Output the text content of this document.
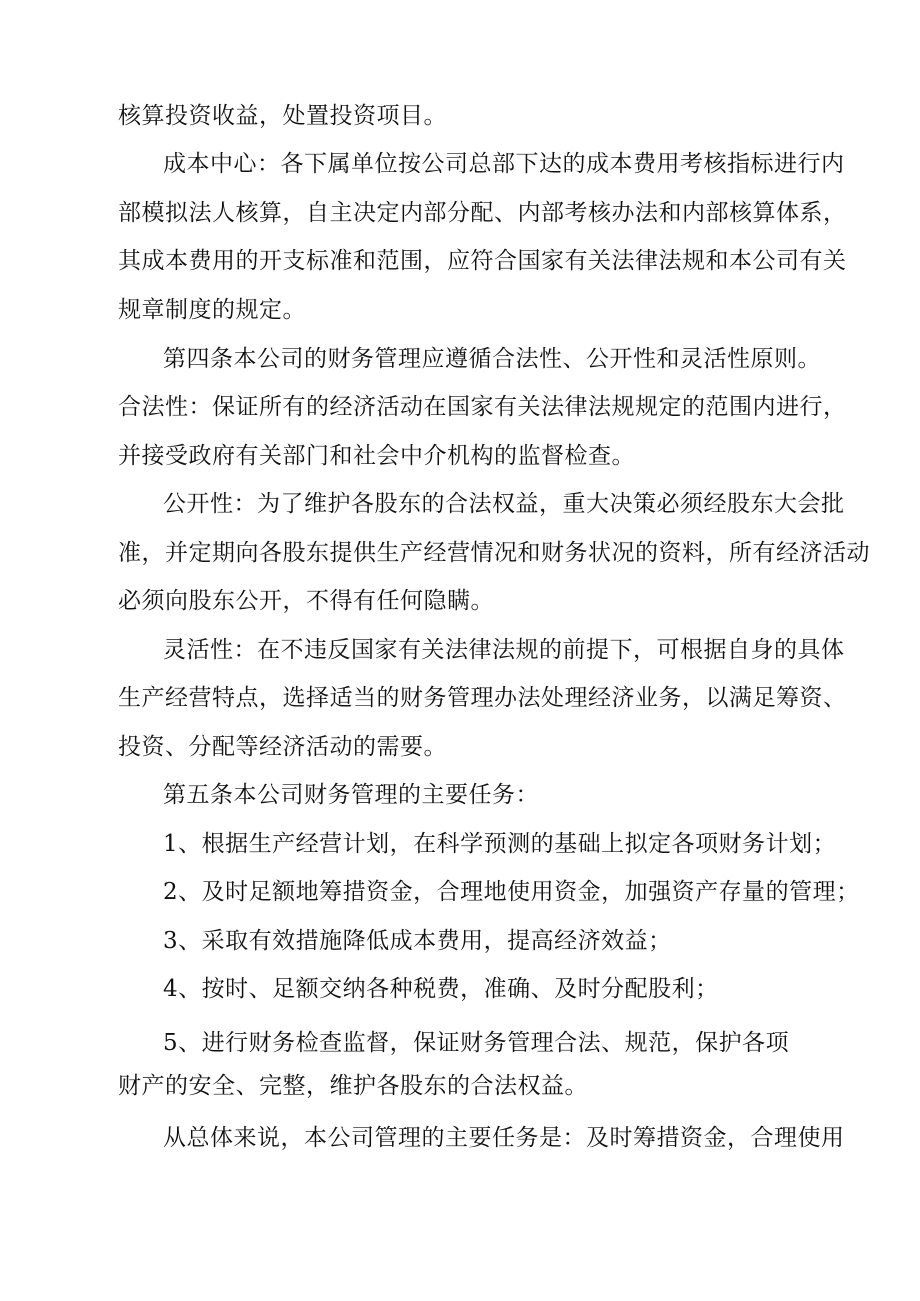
核算投资收益，处置投资项目。
成本中心：各下属单位按公司总部下达的成本费用考核指标进行内
部模拟法人核算，自主决定内部分配、内部考核办法和内部核算体系，
其成本费用的开支标准和范围，应符合国家有关法律法规和本公司有关
规章制度的规定。
第四条本公司的财务管理应遵循合法性、公开性和灵活性原则。
合法性：保证所有的经济活动在国家有关法律法规规定的范围内进行，
并接受政府有关部门和社会中介机构的监督检查。
公开性：为了维护各股东的合法权益，重大决策必须经股东大会批
准，并定期向各股东提供生产经营情况和财务状况的资料，所有经济活动
必须向股东公开，不得有任何隐瞒。
灵活性：在不违反国家有关法律法规的前提下，可根据自身的具体
生产经营特点，选择适当的财务管理办法处理经济业务，以满足筹资、
投资、分配等经济活动的需要。
第五条本公司财务管理的主要任务：
1、根据生产经营计划，在科学预测的基础上拟定各项财务计划；
2、及时足额地筹措资金，合理地使用资金，加强资产存量的管理；
3、采取有效措施降低成本费用，提高经济效益；
4、按时、足额交纳各种税费，准确、及时分配股利；
5、进行财务检查监督，保证财务管理合法、规范，保护各项
财产的安全、完整，维护各股东的合法权益。
从总体来说，本公司管理的主要任务是：及时筹措资金，合理使用
